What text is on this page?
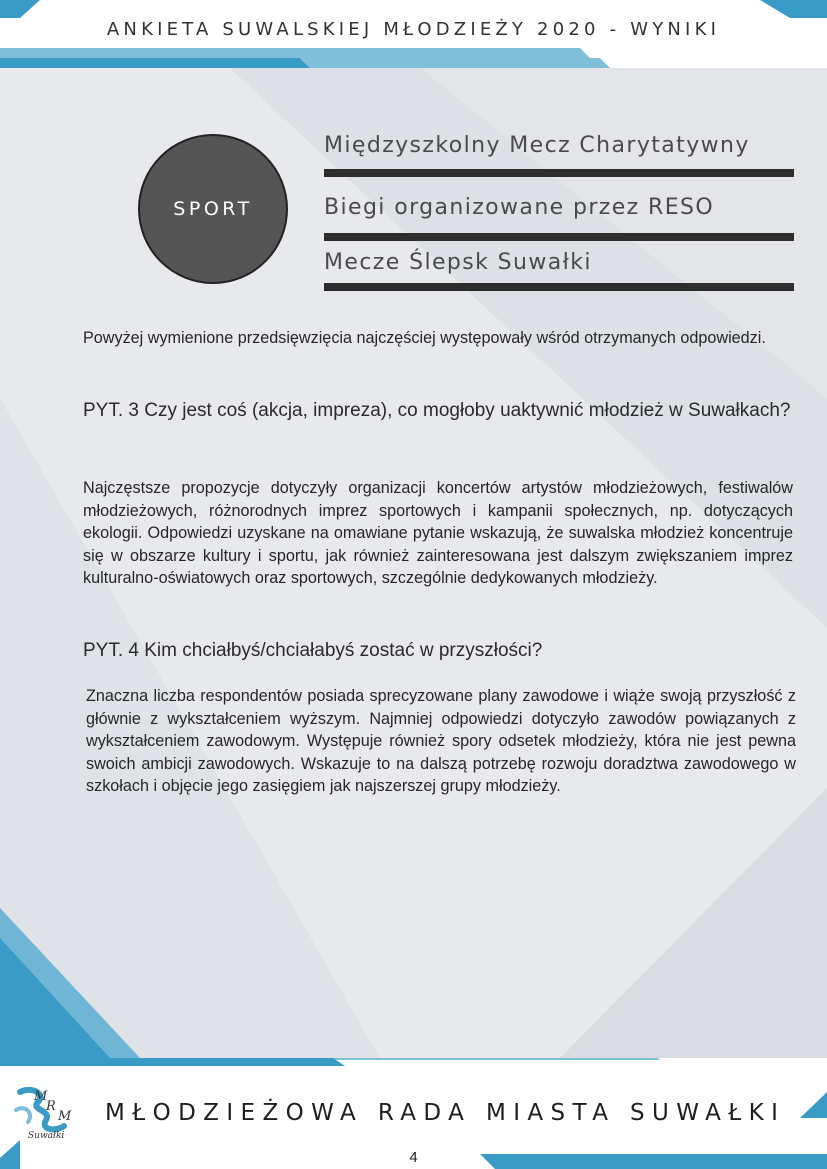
ANKIETA SUWALSKIEJ MŁODZIEŻY 2020 - WYNIKI
SPORT
Międzyszkolny Mecz Charytatywny
Biegi organizowane przez RESO
Mecze Ślepsk Suwałki
Powyżej wymienione przedsięwzięcia najczęściej występowały wśród otrzymanych odpowiedzi.
PYT. 3 Czy jest coś (akcja, impreza), co mogłoby uaktywnić młodzież w Suwałkach?
Najczęstsze propozycje dotyczyły organizacji koncertów artystów młodzieżowych, festiwalów młodzieżowych, różnorodnych imprez sportowych i kampanii społecznych, np. dotyczących ekologii. Odpowiedzi uzyskane na omawiane pytanie wskazują, że suwalska młodzież koncentruje się w obszarze kultury i sportu, jak również zainteresowana jest dalszym zwiększaniem imprez kulturalno-oświatowych oraz sportowych, szczególnie dedykowanych młodzieży.
PYT. 4 Kim chciałbyś/chciałabyś zostać w przyszłości?
Znaczna liczba respondentów posiada sprecyzowane plany zawodowe i wiąże swoją przyszłość z głównie z wykształceniem wyższym. Najmniej odpowiedzi dotyczyło zawodów powiązanych z wykształceniem zawodowym. Występuje również spory odsetek młodzieży, która nie jest pewna swoich ambicji zawodowych. Wskazuje to na dalszą potrzebę rozwoju doradztwa zawodowego w szkołach i objęcie jego zasięgiem jak najszerszej grupy młodzieży.
M
R
M
Suwałki
MŁODZIEŻOWA RADA MIASTA SUWAŁKI
4
